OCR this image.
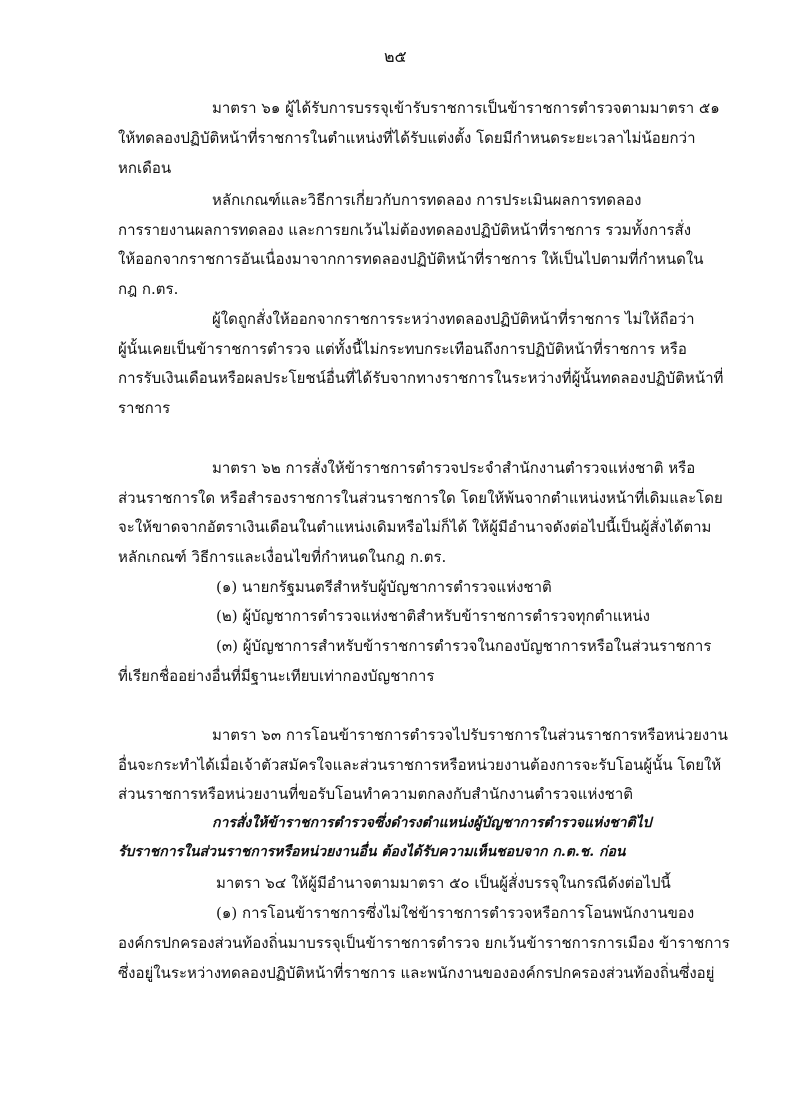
๒๕
มาตรา ๖๑ ผู้ได้รับการบรรจุเข้ารับราชการเป็นข้าราชการตำรวจตามมาตรา ๕๑
ให้ทดลองปฏิบัติหน้าที่ราชการในตำแหน่งที่ได้รับแต่งตั้ง โดยมีกำหนดระยะเวลาไม่น้อยกว่า
หกเดือน
หลักเกณฑ์และวิธีการเกี่ยวกับการทดลอง การประเมินผลการทดลอง
การรายงานผลการทดลอง และการยกเว้นไม่ต้องทดลองปฏิบัติหน้าที่ราชการ รวมทั้งการสั่ง
ให้ออกจากราชการอันเนื่องมาจากการทดลองปฏิบัติหน้าที่ราชการ ให้เป็นไปตามที่กำหนดใน
กฎ ก.ตร.
ผู้ใดถูกสั่งให้ออกจากราชการระหว่างทดลองปฏิบัติหน้าที่ราชการ ไม่ให้ถือว่า
ผู้นั้นเคยเป็นข้าราชการตำรวจ แต่ทั้งนี้ไม่กระทบกระเทือนถึงการปฏิบัติหน้าที่ราชการ หรือ
การรับเงินเดือนหรือผลประโยชน์อื่นที่ได้รับจากทางราชการในระหว่างที่ผู้นั้นทดลองปฏิบัติหน้าที่
ราชการ
มาตรา ๖๒ การสั่งให้ข้าราชการตำรวจประจำสำนักงานตำรวจแห่งชาติ หรือ
ส่วนราชการใด หรือสำรองราชการในส่วนราชการใด โดยให้พ้นจากตำแหน่งหน้าที่เดิมและโดย
จะให้ขาดจากอัตราเงินเดือนในตำแหน่งเดิมหรือไม่ก็ได้ ให้ผู้มีอำนาจดังต่อไปนี้เป็นผู้สั่งได้ตาม
หลักเกณฑ์ วิธีการและเงื่อนไขที่กำหนดในกฎ ก.ตร.
(๑) นายกรัฐมนตรีสำหรับผู้บัญชาการตำรวจแห่งชาติ
(๒) ผู้บัญชาการตำรวจแห่งชาติสำหรับข้าราชการตำรวจทุกตำแหน่ง
(๓) ผู้บัญชาการสำหรับข้าราชการตำรวจในกองบัญชาการหรือในส่วนราชการ
ที่เรียกชื่ออย่างอื่นที่มีฐานะเทียบเท่ากองบัญชาการ
มาตรา ๖๓ การโอนข้าราชการตำรวจไปรับราชการในส่วนราชการหรือหน่วยงาน
อื่นจะกระทำได้เมื่อเจ้าตัวสมัครใจและส่วนราชการหรือหน่วยงานต้องการจะรับโอนผู้นั้น โดยให้
ส่วนราชการหรือหน่วยงานที่ขอรับโอนทำความตกลงกับสำนักงานตำรวจแห่งชาติ
การสั่งให้ข้าราชการตำรวจซึ่งดำรงตำแหน่งผู้บัญชาการตำรวจแห่งชาติไป
รับราชการในส่วนราชการหรือหน่วยงานอื่น ต้องได้รับความเห็นชอบจาก ก.ต.ช. ก่อน
มาตรา ๖๔ ให้ผู้มีอำนาจตามมาตรา ๕๐ เป็นผู้สั่งบรรจุในกรณีดังต่อไปนี้
(๑) การโอนข้าราชการซึ่งไม่ใช่ข้าราชการตำรวจหรือการโอนพนักงานของ
องค์กรปกครองส่วนท้องถิ่นมาบรรจุเป็นข้าราชการตำรวจ ยกเว้นข้าราชการการเมือง ข้าราชการ
ซึ่งอยู่ในระหว่างทดลองปฏิบัติหน้าที่ราชการ และพนักงานขององค์กรปกครองส่วนท้องถิ่นซึ่งอยู่
